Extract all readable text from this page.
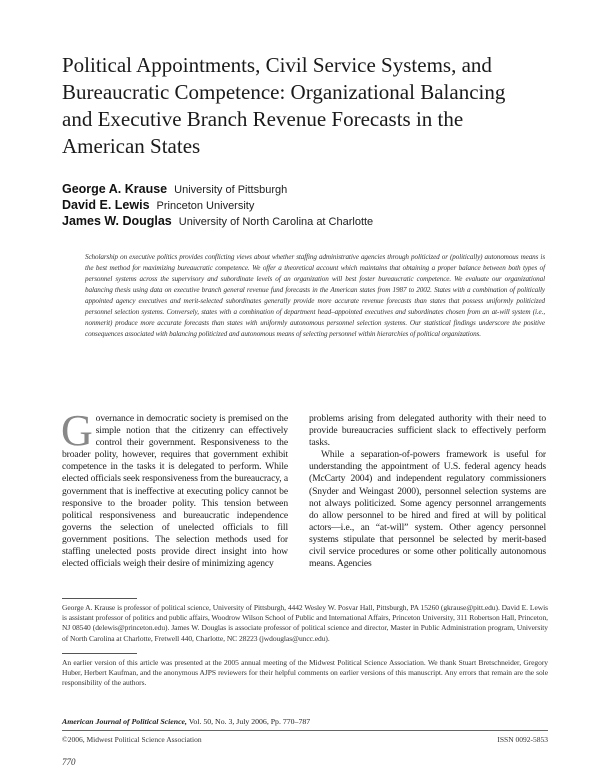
Political Appointments, Civil Service Systems, and Bureaucratic Competence: Organizational Balancing and Executive Branch Revenue Forecasts in the American States
George A. Krause University of Pittsburgh
David E. Lewis Princeton University
James W. Douglas University of North Carolina at Charlotte

Scholarship on executive politics provides conflicting views about whether staffing administrative agencies through politicized or (politically) autonomous means is the best method for maximizing bureaucratic competence. We offer a theoretical account which maintains that obtaining a proper balance between both types of personnel systems across the supervisory and subordinate levels of an organization will best foster bureaucratic competence. We evaluate our organizational balancing thesis using data on executive branch general revenue fund forecasts in the American states from 1987 to 2002. States with a combination of politically appointed agency executives and merit-selected subordinates generally provide more accurate revenue forecasts than states that possess uniformly politicized personnel selection systems. Conversely, states with a combination of department head–appointed executives and subordinates chosen from an at-will system (i.e., nonmerit) produce more accurate forecasts than states with uniformly autonomous personnel selection systems. Our statistical findings underscore the positive consequences associated with balancing politicized and autonomous means of selecting personnel within hierarchies of political organizations.

Governance in democratic society is premised on the simple notion that the citizenry can effectively control their government. Responsiveness to the broader polity, however, requires that government exhibit competence in the tasks it is delegated to perform. While elected officials seek responsiveness from the bureaucracy, a government that is ineffective at executing policy cannot be responsive to the broader polity. This tension between political responsiveness and bureaucratic independence governs the selection of unelected officials to fill government positions. The selection methods used for staffing unelected posts provide direct insight into how elected officials weigh their desire of minimizing agency

problems arising from delegated authority with their need to provide bureaucracies sufficient slack to effectively perform tasks.

While a separation-of-powers framework is useful for understanding the appointment of U.S. federal agency heads (McCarty 2004) and independent regulatory commissioners (Snyder and Weingast 2000), personnel selection systems are not always politicized. Some agency personnel arrangements do allow personnel to be hired and fired at will by political actors—i.e., an “at-will” system. Other agency personnel systems stipulate that personnel be selected by merit-based civil service procedures or some other politically autonomous means. Agencies

George A. Krause is professor of political science, University of Pittsburgh, 4442 Wesley W. Posvar Hall, Pittsburgh, PA 15260 (gkrause@pitt.edu). David E. Lewis is assistant professor of politics and public affairs, Woodrow Wilson School of Public and International Affairs, Princeton University, 311 Robertson Hall, Princeton, NJ 08540 (delewis@princeton.edu). James W. Douglas is associate professor of political science and director, Master in Public Administration program, University of North Carolina at Charlotte, Fretwell 440, Charlotte, NC 28223 (jwdouglas@uncc.edu).

An earlier version of this article was presented at the 2005 annual meeting of the Midwest Political Science Association. We thank Stuart Bretschneider, Gregory Huber, Herbert Kaufman, and the anonymous AJPS reviewers for their helpful comments on earlier versions of this manuscript. Any errors that remain are the sole responsibility of the authors.

American Journal of Political Science, Vol. 50, No. 3, July 2006, Pp. 770–787

©2006, Midwest Political Science Association	ISSN 0092-5853

770
